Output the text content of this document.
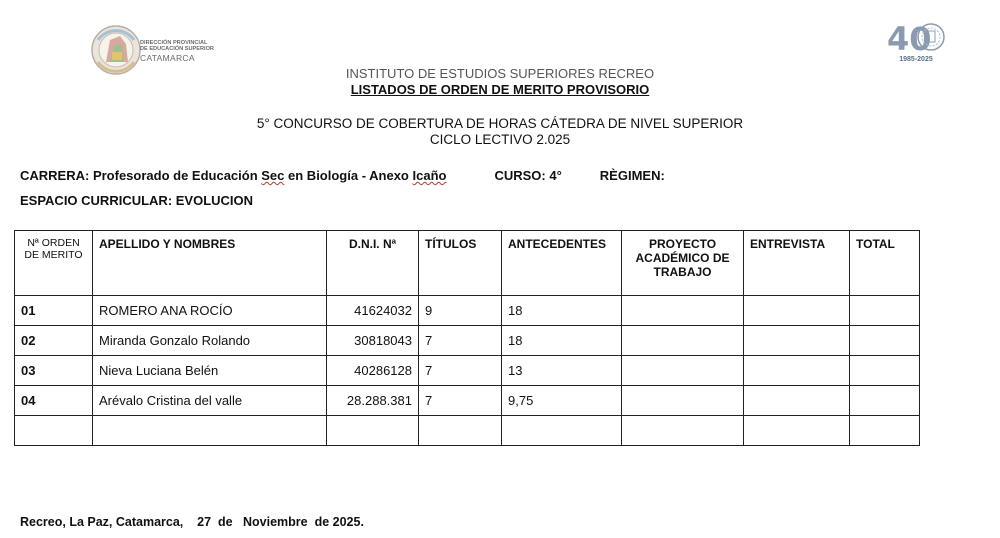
DIRECCIÓN PROVINCIAL
DE EDUCACIÓN SUPERIOR
CATAMARCA	40
1985-2025
INSTITUTO DE ESTUDIOS SUPERIORES RECREO
LISTADOS DE ORDEN DE MERITO PROVISORIO
5° CONCURSO DE COBERTURA DE HORAS CÁTEDRA DE NIVEL SUPERIOR
CICLO LECTIVO 2.025
CARRERA: Profesorado de Educación Sec en Biología - Anexo Icaño	CURSO: 4°	RÈGIMEN:
ESPACIO CURRICULAR: EVOLUCION
Nª ORDEN DE MERITO	APELLIDO Y NOMBRES	D.N.I. Nª	TÍTULOS	ANTECEDENTES	PROYECTO ACADÉMICO DE TRABAJO	ENTREVISTA	TOTAL
01	ROMERO ANA ROCÍO	41624032	9	18			
02	Miranda Gonzalo Rolando	30818043	7	18			
03	Nieva Luciana Belén	40286128	7	13			
04	Arévalo Cristina del valle	28.288.381	7	9,75			

Recreo, La Paz, Catamarca,    27  de   Noviembre  de 2025.
